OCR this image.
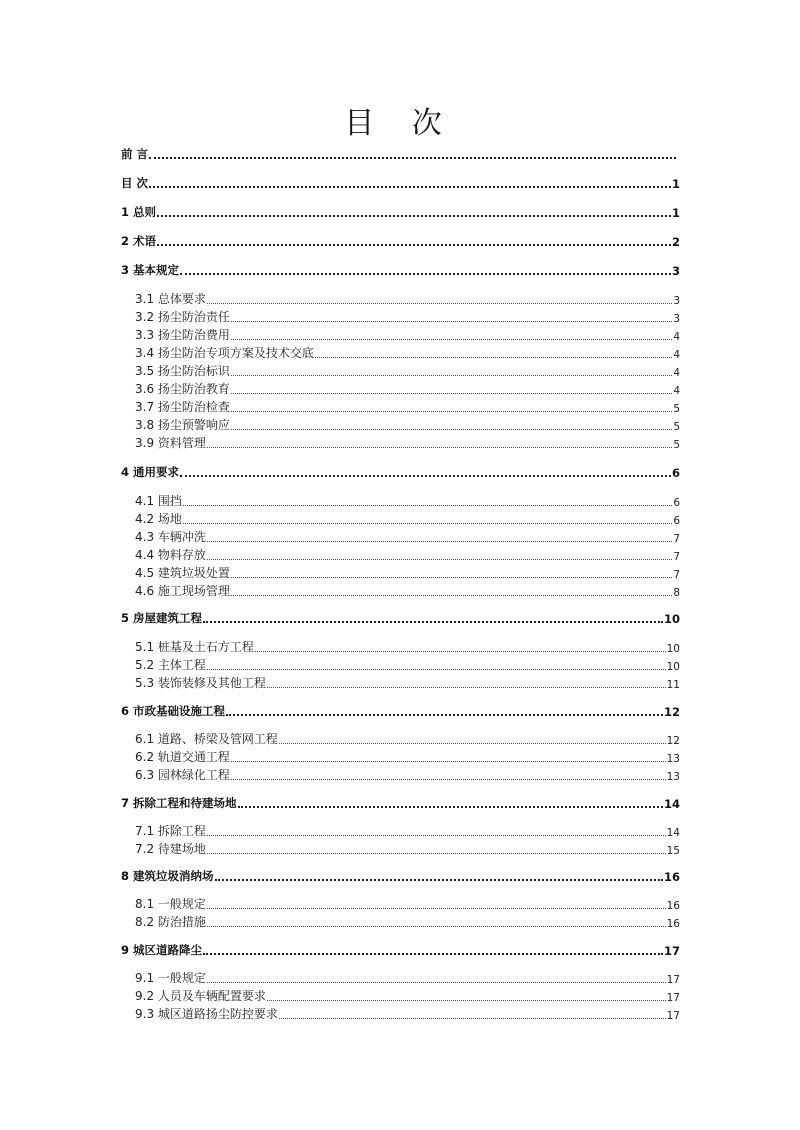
目 次
前 言
目 次	1
1 总则	1
2 术语	2
3 基本规定	3
3.1 总体要求	3
3.2 扬尘防治责任	3
3.3 扬尘防治费用	4
3.4 扬尘防治专项方案及技术交底	4
3.5 扬尘防治标识	4
3.6 扬尘防治教育	4
3.7 扬尘防治检查	5
3.8 扬尘预警响应	5
3.9 资料管理	5
4 通用要求	6
4.1 围挡	6
4.2 场地	6
4.3 车辆冲洗	7
4.4 物料存放	7
4.5 建筑垃圾处置	7
4.6 施工现场管理	8
5 房屋建筑工程	10
5.1 桩基及土石方工程	10
5.2 主体工程	10
5.3 装饰装修及其他工程	11
6 市政基础设施工程	12
6.1 道路、桥梁及管网工程	12
6.2 轨道交通工程	13
6.3 园林绿化工程	13
7 拆除工程和待建场地	14
7.1 拆除工程	14
7.2 待建场地	15
8 建筑垃圾消纳场	16
8.1 一般规定	16
8.2 防治措施	16
9 城区道路降尘	17
9.1 一般规定	17
9.2 人员及车辆配置要求	17
9.3 城区道路扬尘防控要求	17
